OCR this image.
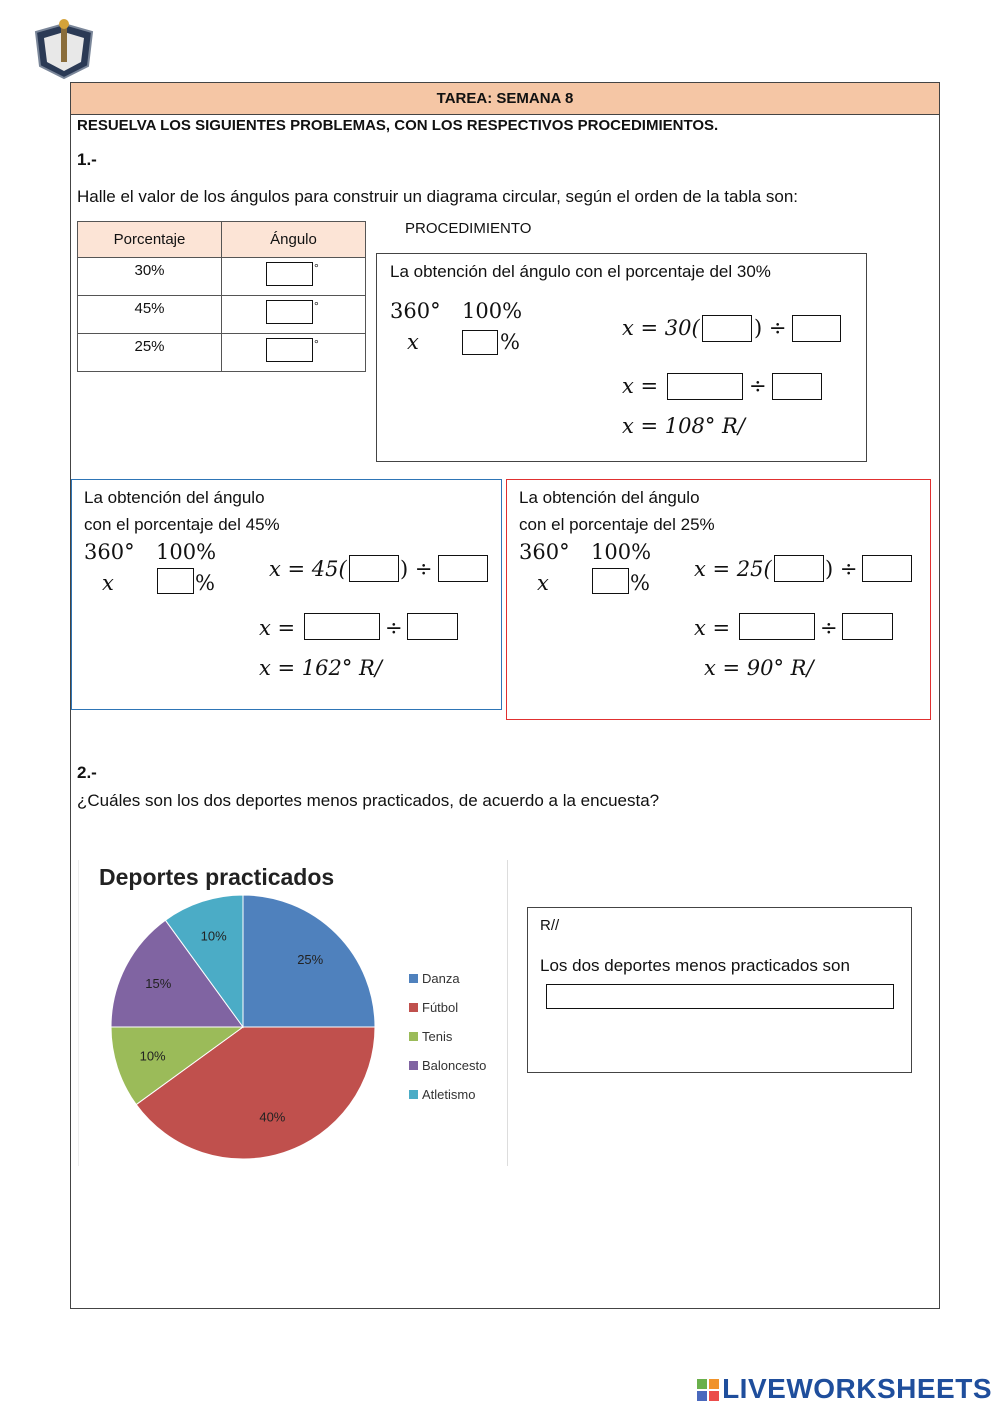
TAREA: SEMANA 8
RESUELVA LOS SIGUIENTES PROBLEMAS, CON LOS RESPECTIVOS PROCEDIMIENTOS.
1.-
Halle el valor de los ángulos para construir un diagrama circular, según el orden de la tabla son:
Porcentaje	Ángulo
30%	°

45%	°

25%	°
PROCEDIMIENTO
La obtención del ángulo con el porcentaje del 30%
360° 100%
x	%
x = 30(	) ÷
x =	÷
x = 108° R/
La obtención del ángulo
con el porcentaje del 45%
360° 100%
x	%
x = 45(	) ÷
x =	÷
x = 162° R/
La obtención del ángulo
con el porcentaje del 25%
360° 100%
x	%
x = 25(	) ÷
x =	÷
x = 90° R/
2.-
¿Cuáles son los dos deportes menos practicados, de acuerdo a la encuesta?
Deportes practicados
25%
40%
10%
15%
10%
Danza
Fútbol
Tenis
Baloncesto
Atletismo
R//
Los dos deportes menos practicados son
LIVEWORKSHEETS
